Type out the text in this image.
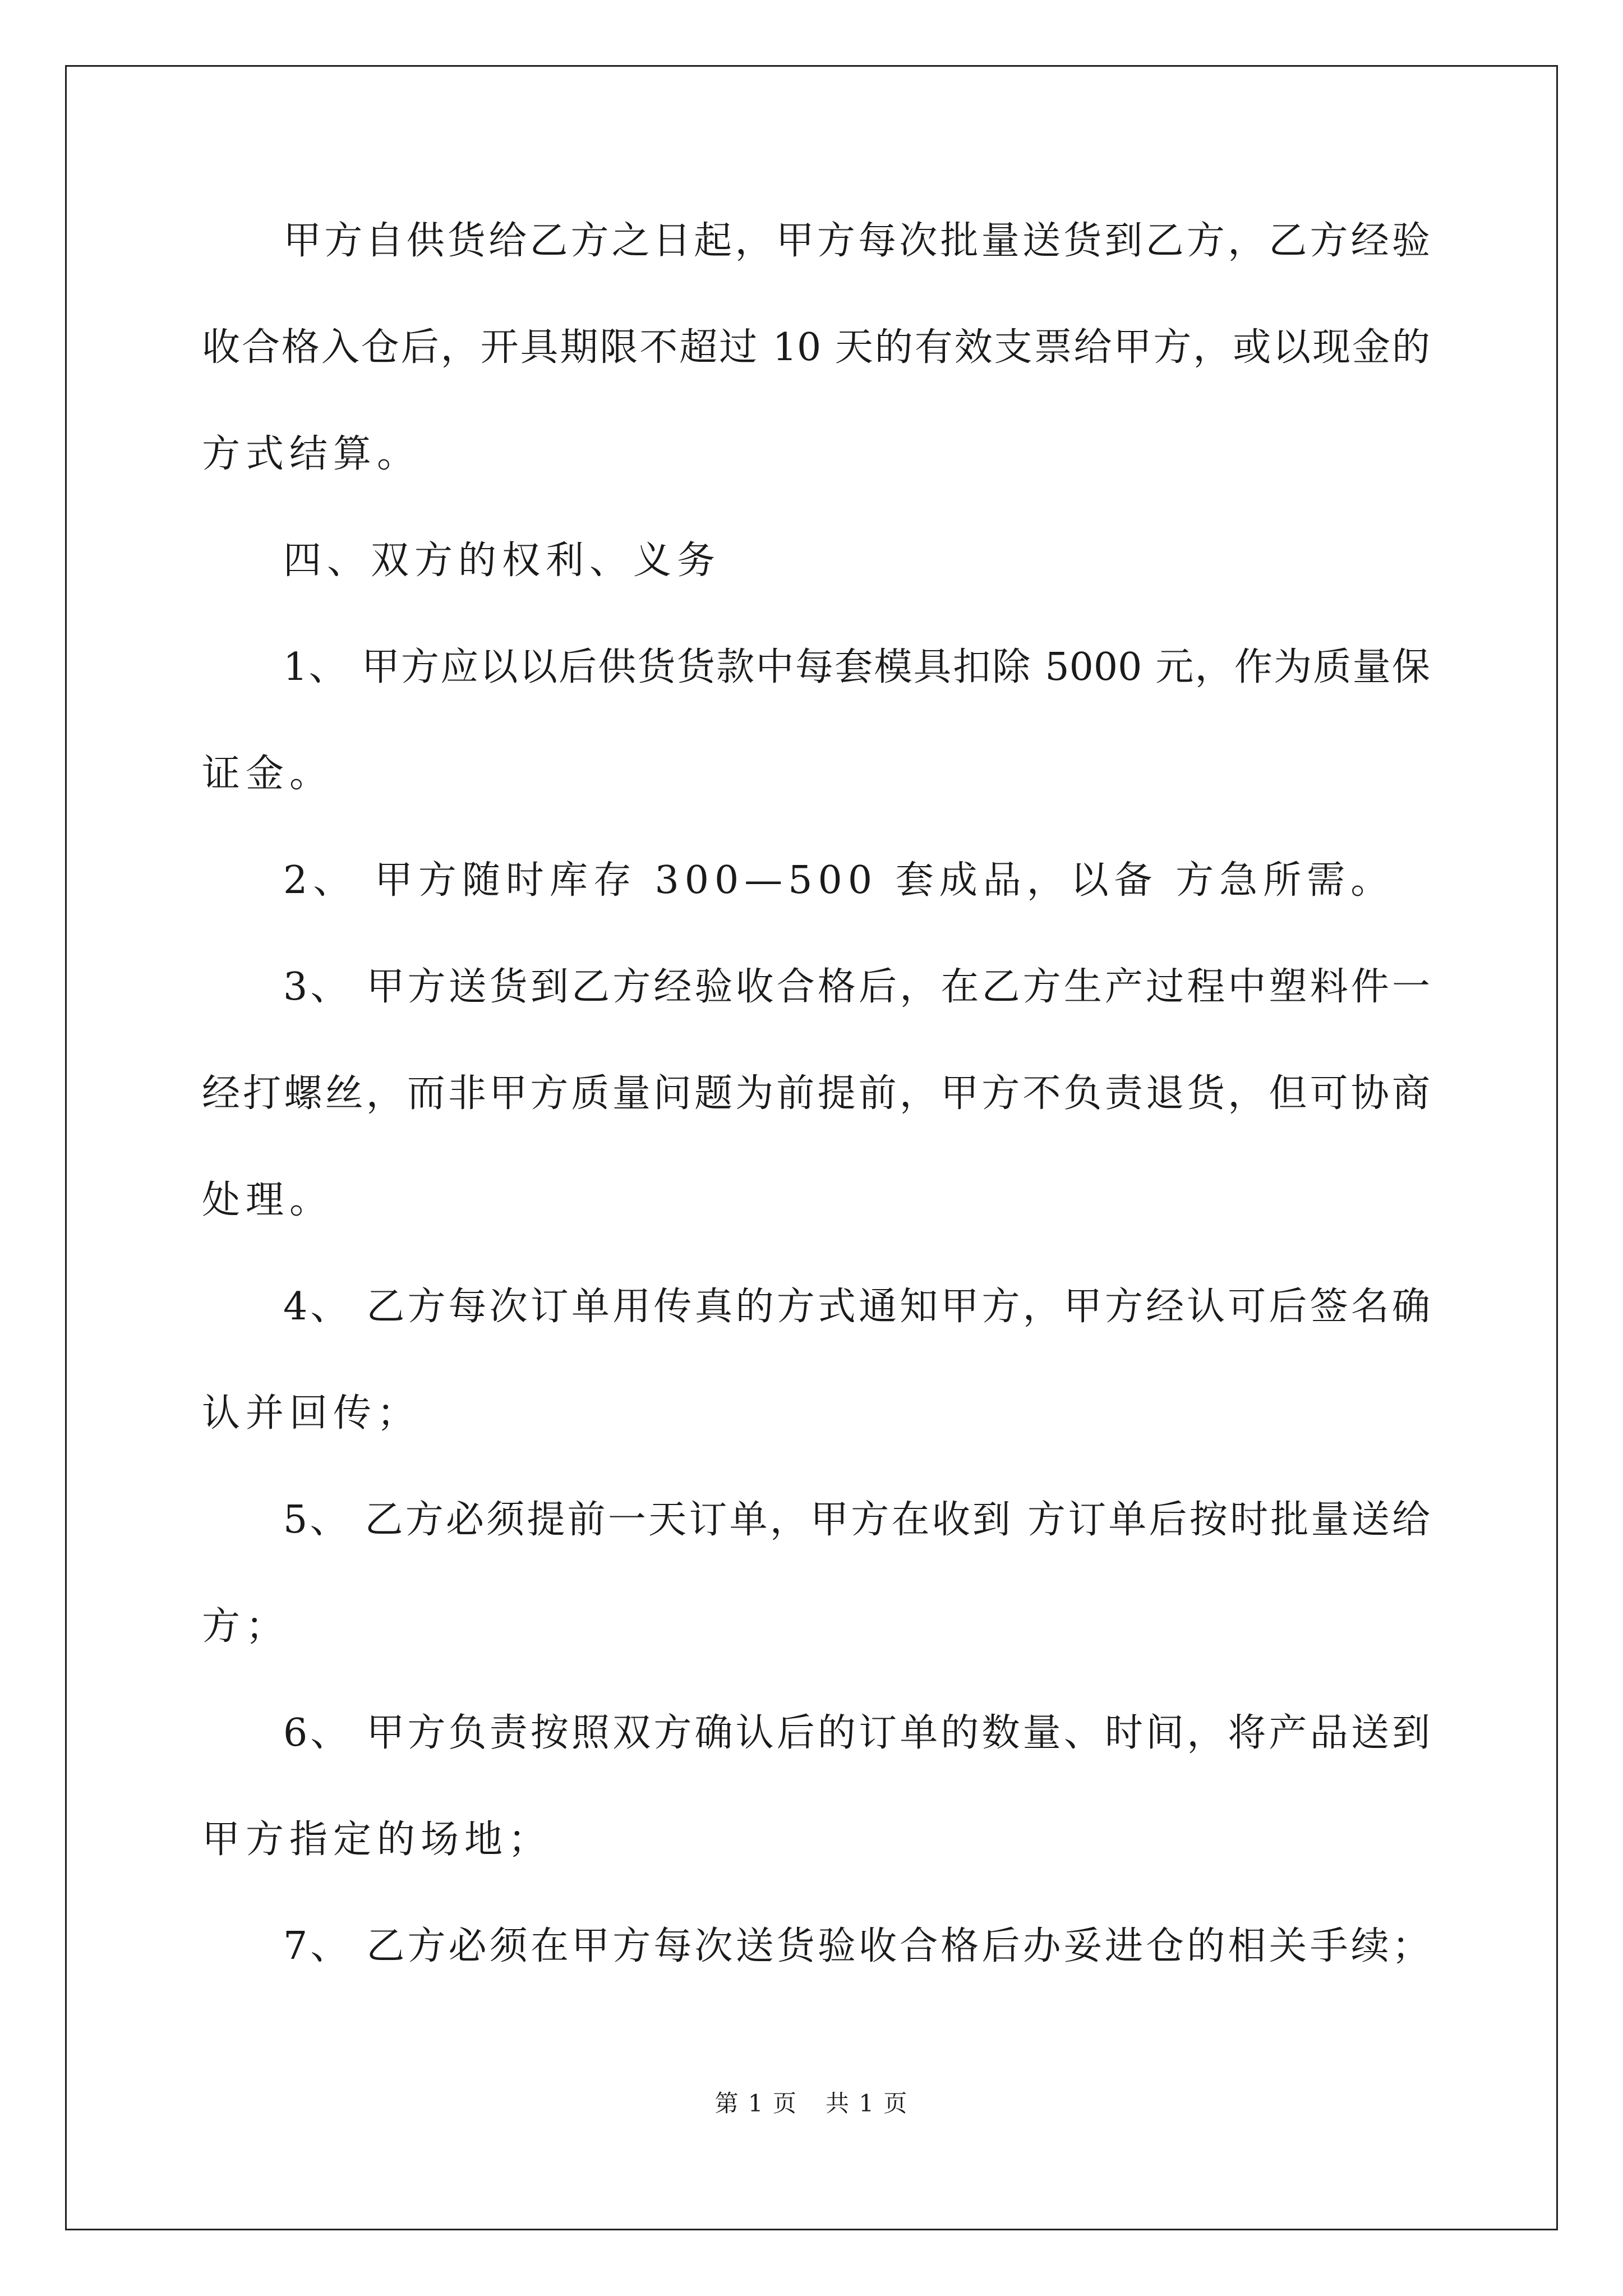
甲方自供货给乙方之日起，甲方每次批量送货到乙方，乙方经验
收合格入仓后，开具期限不超过 10 天的有效支票给甲方，或以现金的
方式结算。
四、双方的权利、义务
1、 甲方应以以后供货货款中每套模具扣除 5000 元，作为质量保
证金。
2、 甲方随时库存 300—500 套成品，以备 方急所需。
3、 甲方送货到乙方经验收合格后，在乙方生产过程中塑料件一
经打螺丝，而非甲方质量问题为前提前，甲方不负责退货，但可协商
处理。
4、 乙方每次订单用传真的方式通知甲方，甲方经认可后签名确
认并回传；
5、 乙方必须提前一天订单，甲方在收到 方订单后按时批量送给
方；
6、 甲方负责按照双方确认后的订单的数量、时间，将产品送到
甲方指定的场地；
7、 乙方必须在甲方每次送货验收合格后办妥进仓的相关手续；
第 1 页 共 1 页
